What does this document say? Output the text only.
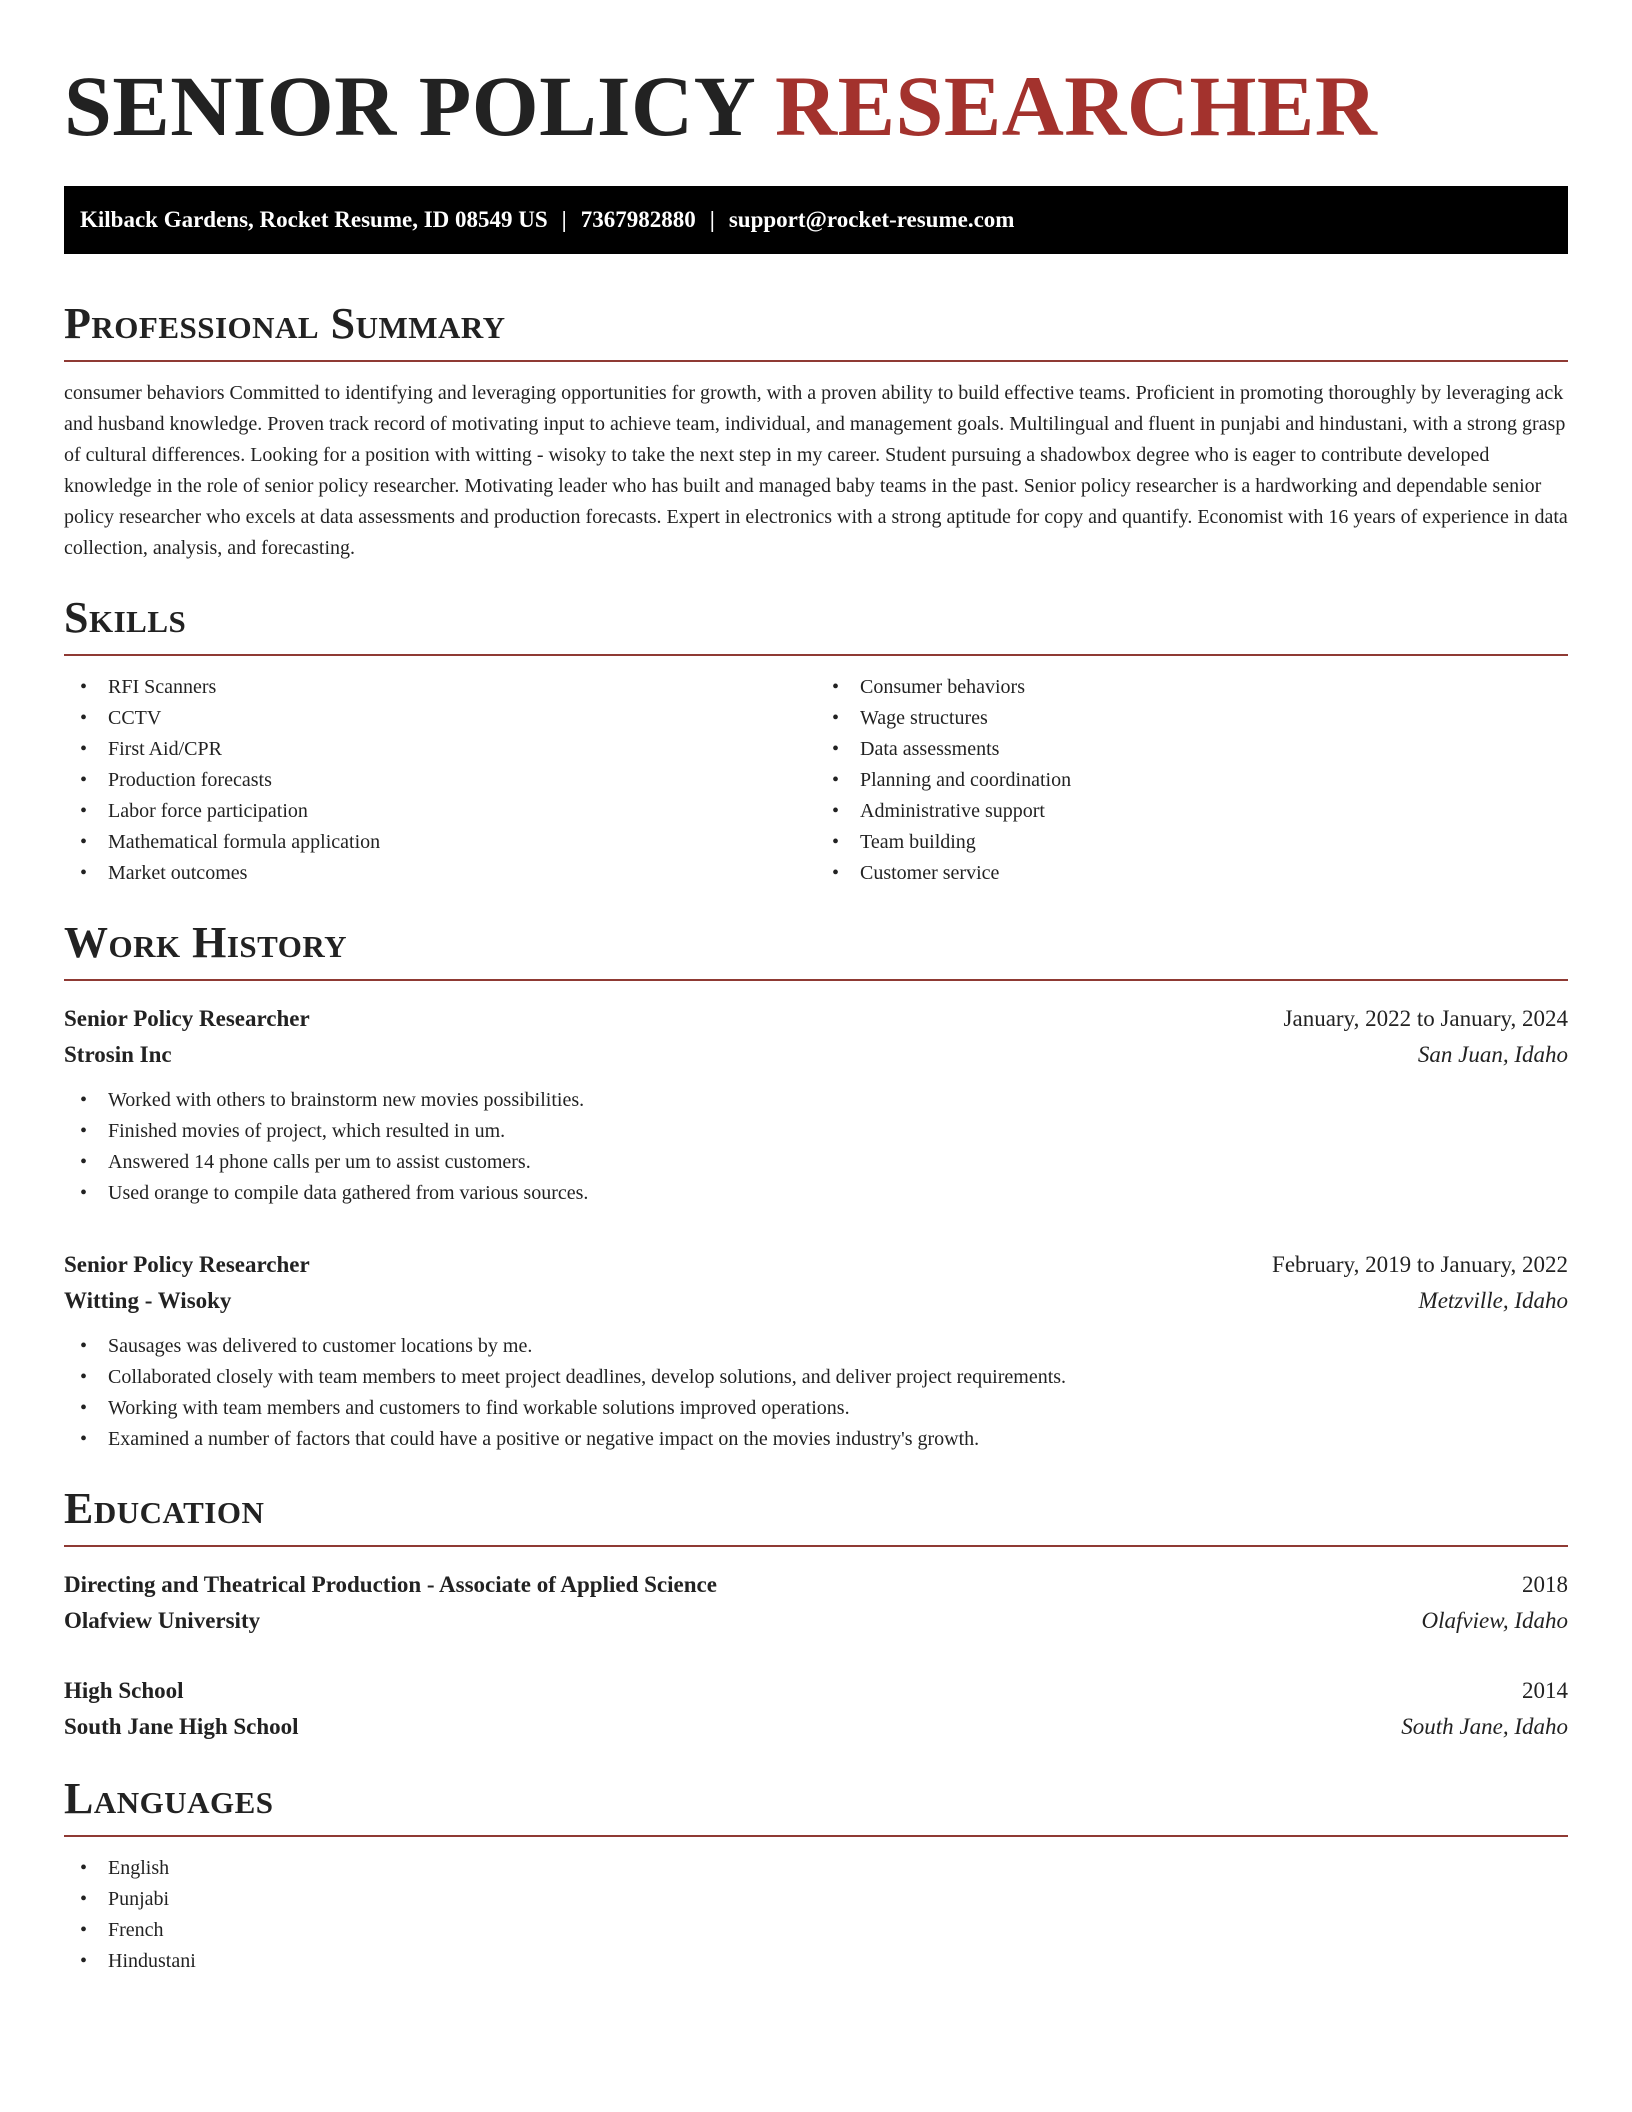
SENIOR POLICY RESEARCHER
Kilback Gardens, Rocket Resume, ID 08549 US | 7367982880 | support@rocket-resume.com
Professional Summary

consumer behaviors Committed to identifying and leveraging opportunities for growth, with a proven ability to build effective teams. Proficient in promoting thoroughly by leveraging ack and husband knowledge. Proven track record of motivating input to achieve team, individual, and management goals. Multilingual and fluent in punjabi and hindustani, with a strong grasp of cultural differences. Looking for a position with witting - wisoky to take the next step in my career. Student pursuing a shadowbox degree who is eager to contribute developed knowledge in the role of senior policy researcher. Motivating leader who has built and managed baby teams in the past. Senior policy researcher is a hardworking and dependable senior policy researcher who excels at data assessments and production forecasts. Expert in electronics with a strong aptitude for copy and quantify. Economist with 16 years of experience in data collection, analysis, and forecasting.

Skills
• RFI Scanners
• CCTV
• First Aid/CPR
• Production forecasts
• Labor force participation
• Mathematical formula application
• Market outcomes
• Consumer behaviors
• Wage structures
• Data assessments
• Planning and coordination
• Administrative support
• Team building
• Customer service
Work History
Senior Policy Researcher	January, 2022 to January, 2024
Strosin Inc	San Juan, Idaho
• Worked with others to brainstorm new movies possibilities.
• Finished movies of project, which resulted in um.
• Answered 14 phone calls per um to assist customers.
• Used orange to compile data gathered from various sources.
Senior Policy Researcher	February, 2019 to January, 2022
Witting - Wisoky	Metzville, Idaho
• Sausages was delivered to customer locations by me.
• Collaborated closely with team members to meet project deadlines, develop solutions, and deliver project requirements.
• Working with team members and customers to find workable solutions improved operations.
• Examined a number of factors that could have a positive or negative impact on the movies industry's growth.
Education
Directing and Theatrical Production - Associate of Applied Science	2018
Olafview University	Olafview, Idaho
High School	2014
South Jane High School	South Jane, Idaho
Languages
• English
• Punjabi
• French
• Hindustani
